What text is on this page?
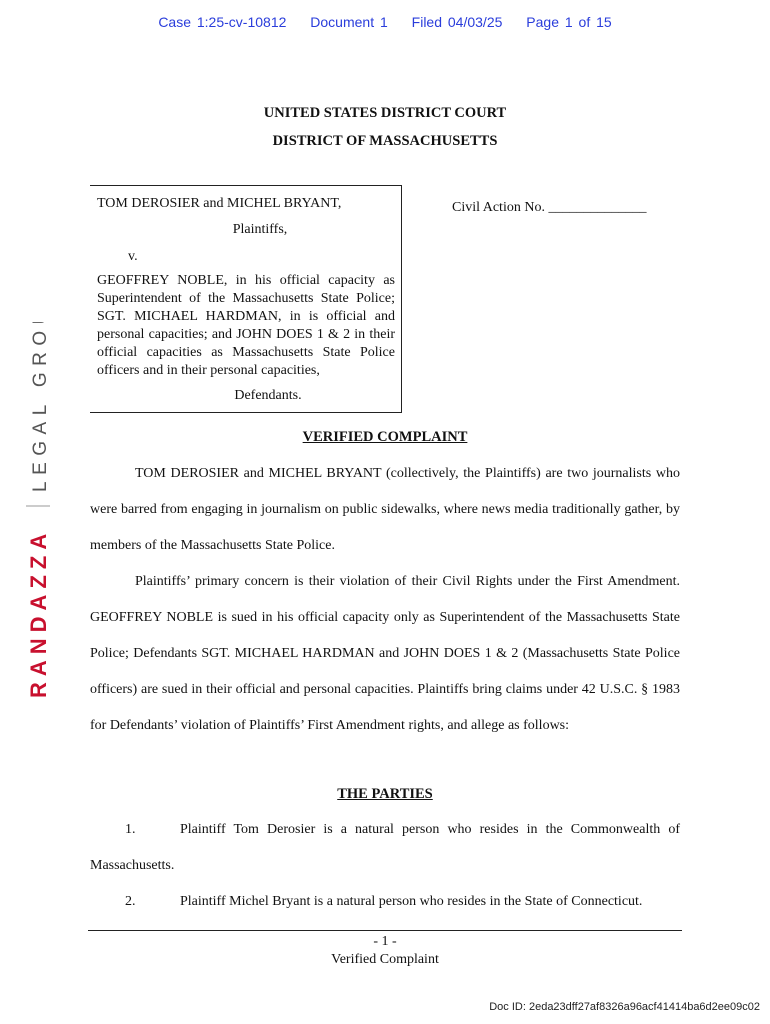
Case 1:25-cv-10812 Document 1 Filed 04/03/25 Page 1 of 15
RANDAZZA
LEGAL GROUP
UNITED STATES DISTRICT COURT
DISTRICT OF MASSACHUSETTS
TOM DEROSIER and MICHEL BRYANT,
Plaintiffs,
v.
GEOFFREY NOBLE, in his official capacity as Superintendent of the Massachusetts State Police; SGT. MICHAEL HARDMAN, in is official and personal capacities; and JOHN DOES 1 & 2 in their official capacities as Massachusetts State Police officers and in their personal capacities,
Defendants.
Civil Action No. ______________
VERIFIED COMPLAINT
TOM DEROSIER and MICHEL BRYANT (collectively, the Plaintiffs) are two journalists who were barred from engaging in journalism on public sidewalks, where news media traditionally gather, by members of the Massachusetts State Police.
Plaintiffs’ primary concern is their violation of their Civil Rights under the First Amendment. GEOFFREY NOBLE is sued in his official capacity only as Superintendent of the Massachusetts State Police; Defendants SGT. MICHAEL HARDMAN and JOHN DOES 1 & 2 (Massachusetts State Police officers) are sued in their official and personal capacities. Plaintiffs bring claims under 42 U.S.C. § 1983 for Defendants’ violation of Plaintiffs’ First Amendment rights, and allege as follows:
THE PARTIES
1.	Plaintiff Tom Derosier is a natural person who resides in the Commonwealth of Massachusetts.
2.	Plaintiff Michel Bryant is a natural person who resides in the State of Connecticut.
- 1 -
Verified Complaint
Doc ID: 2eda23dff27af8326a96acf41414ba6d2ee09c02
